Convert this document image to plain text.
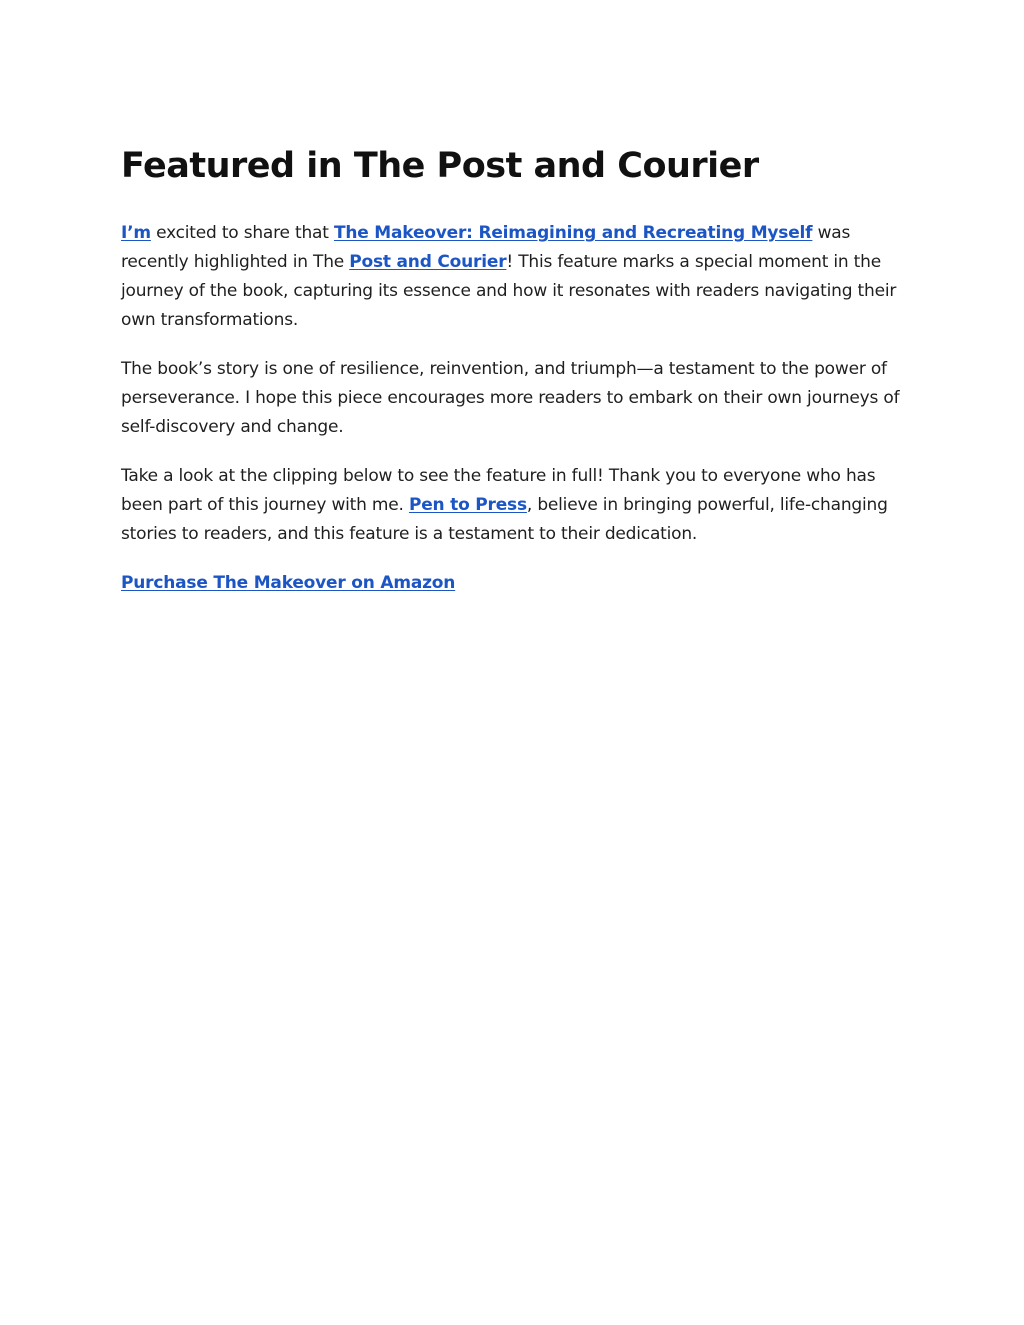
Featured in The Post and Courier

I’m excited to share that The Makeover: Reimagining and Recreating Myself was recently highlighted in The Post and Courier! This feature marks a special moment in the journey of the book, capturing its essence and how it resonates with readers navigating their own transformations.

The book’s story is one of resilience, reinvention, and triumph—a testament to the power of perseverance. I hope this piece encourages more readers to embark on their own journeys of self-discovery and change.

Take a look at the clipping below to see the feature in full! Thank you to everyone who has been part of this journey with me. Pen to Press, believe in bringing powerful, life-changing stories to readers, and this feature is a testament to their dedication.

Purchase The Makeover on Amazon
